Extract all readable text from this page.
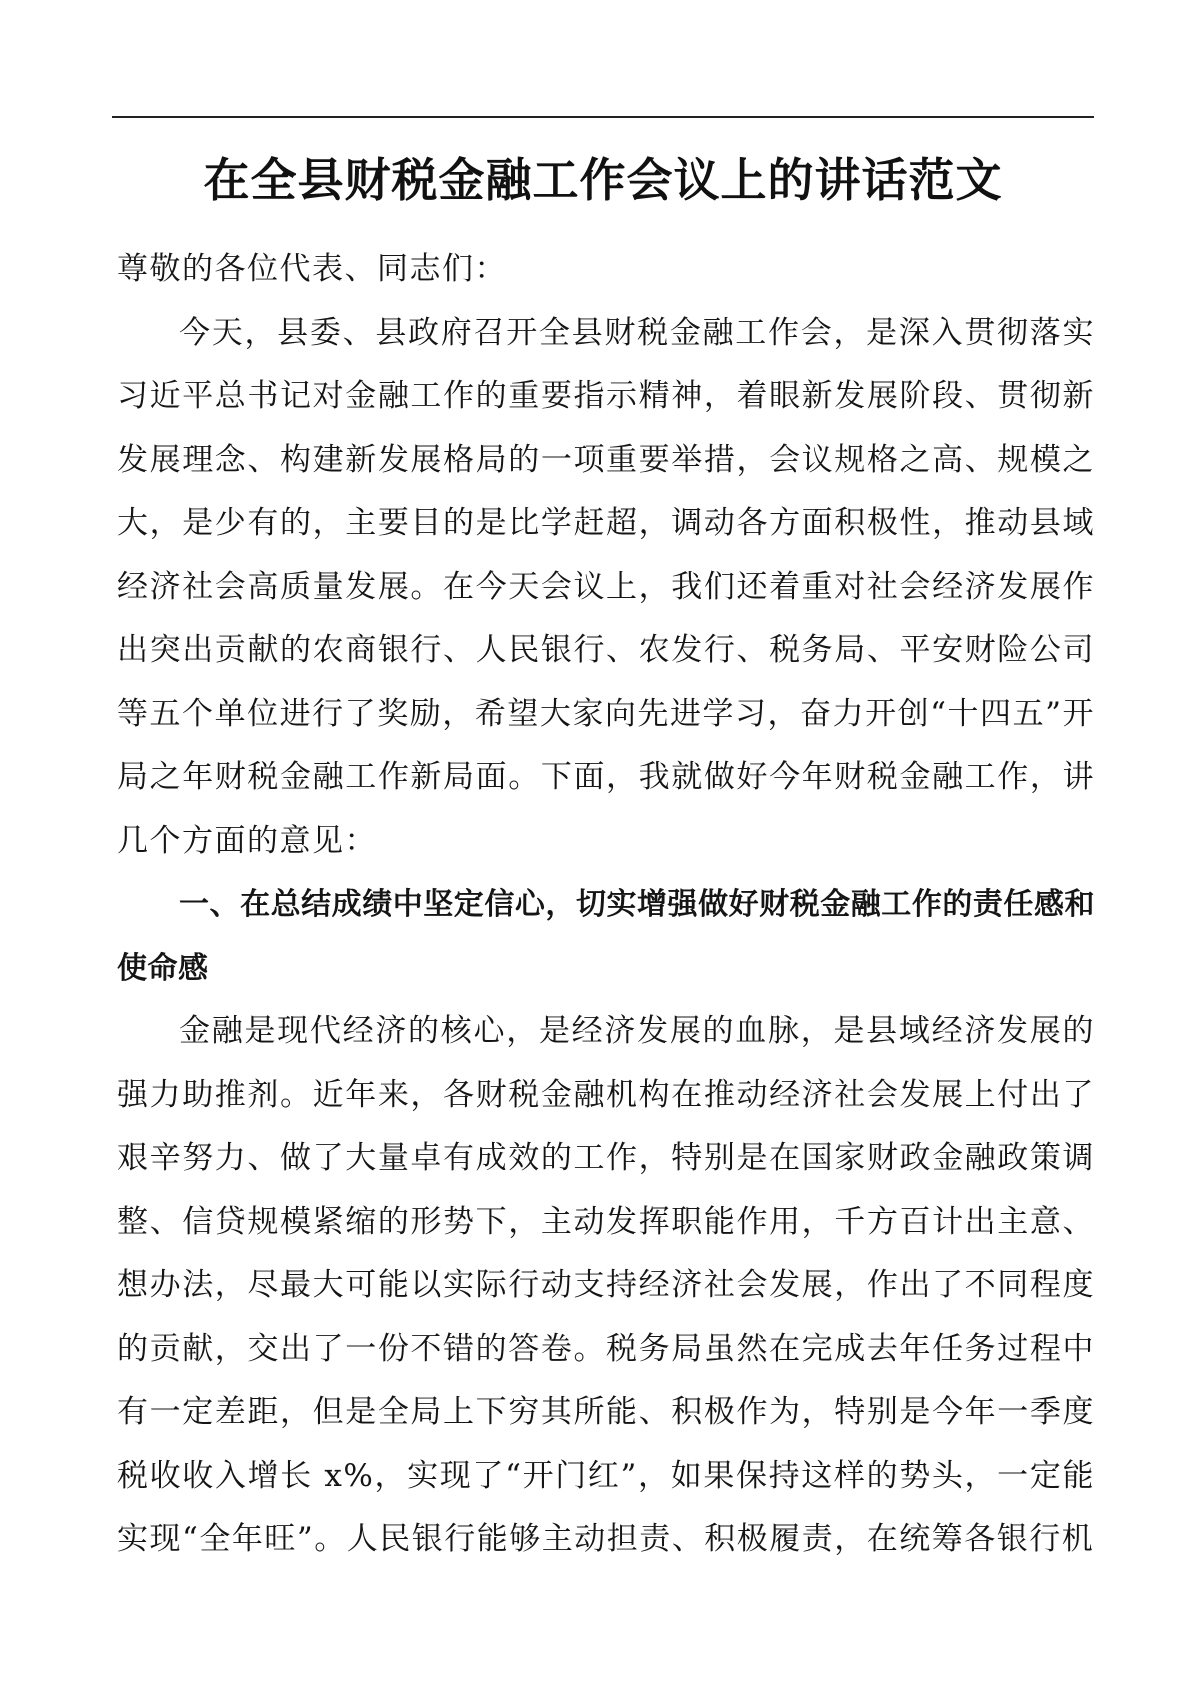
在全县财税金融工作会议上的讲话范文

尊敬的各位代表、同志们：

今天，县委、县政府召开全县财税金融工作会，是深入贯彻落实习近平总书记对金融工作的重要指示精神，着眼新发展阶段、贯彻新发展理念、构建新发展格局的一项重要举措，会议规格之高、规模之大，是少有的，主要目的是比学赶超，调动各方面积极性，推动县域经济社会高质量发展。在今天会议上，我们还着重对社会经济发展作出突出贡献的农商银行、人民银行、农发行、税务局、平安财险公司等五个单位进行了奖励，希望大家向先进学习，奋力开创“十四五”开局之年财税金融工作新局面。下面，我就做好今年财税金融工作，讲几个方面的意见：

一、在总结成绩中坚定信心，切实增强做好财税金融工作的责任感和使命感

金融是现代经济的核心，是经济发展的血脉，是县域经济发展的强力助推剂。近年来，各财税金融机构在推动经济社会发展上付出了艰辛努力、做了大量卓有成效的工作，特别是在国家财政金融政策调整、信贷规模紧缩的形势下，主动发挥职能作用，千方百计出主意、想办法，尽最大可能以实际行动支持经济社会发展，作出了不同程度的贡献，交出了一份不错的答卷。税务局虽然在完成去年任务过程中有一定差距，但是全局上下穷其所能、积极作为，特别是今年一季度税收收入增长 x%，实现了“开门红”，如果保持这样的势头，一定能实现“全年旺”。人民银行能够主动担责、积极履责，在统筹各银行机
